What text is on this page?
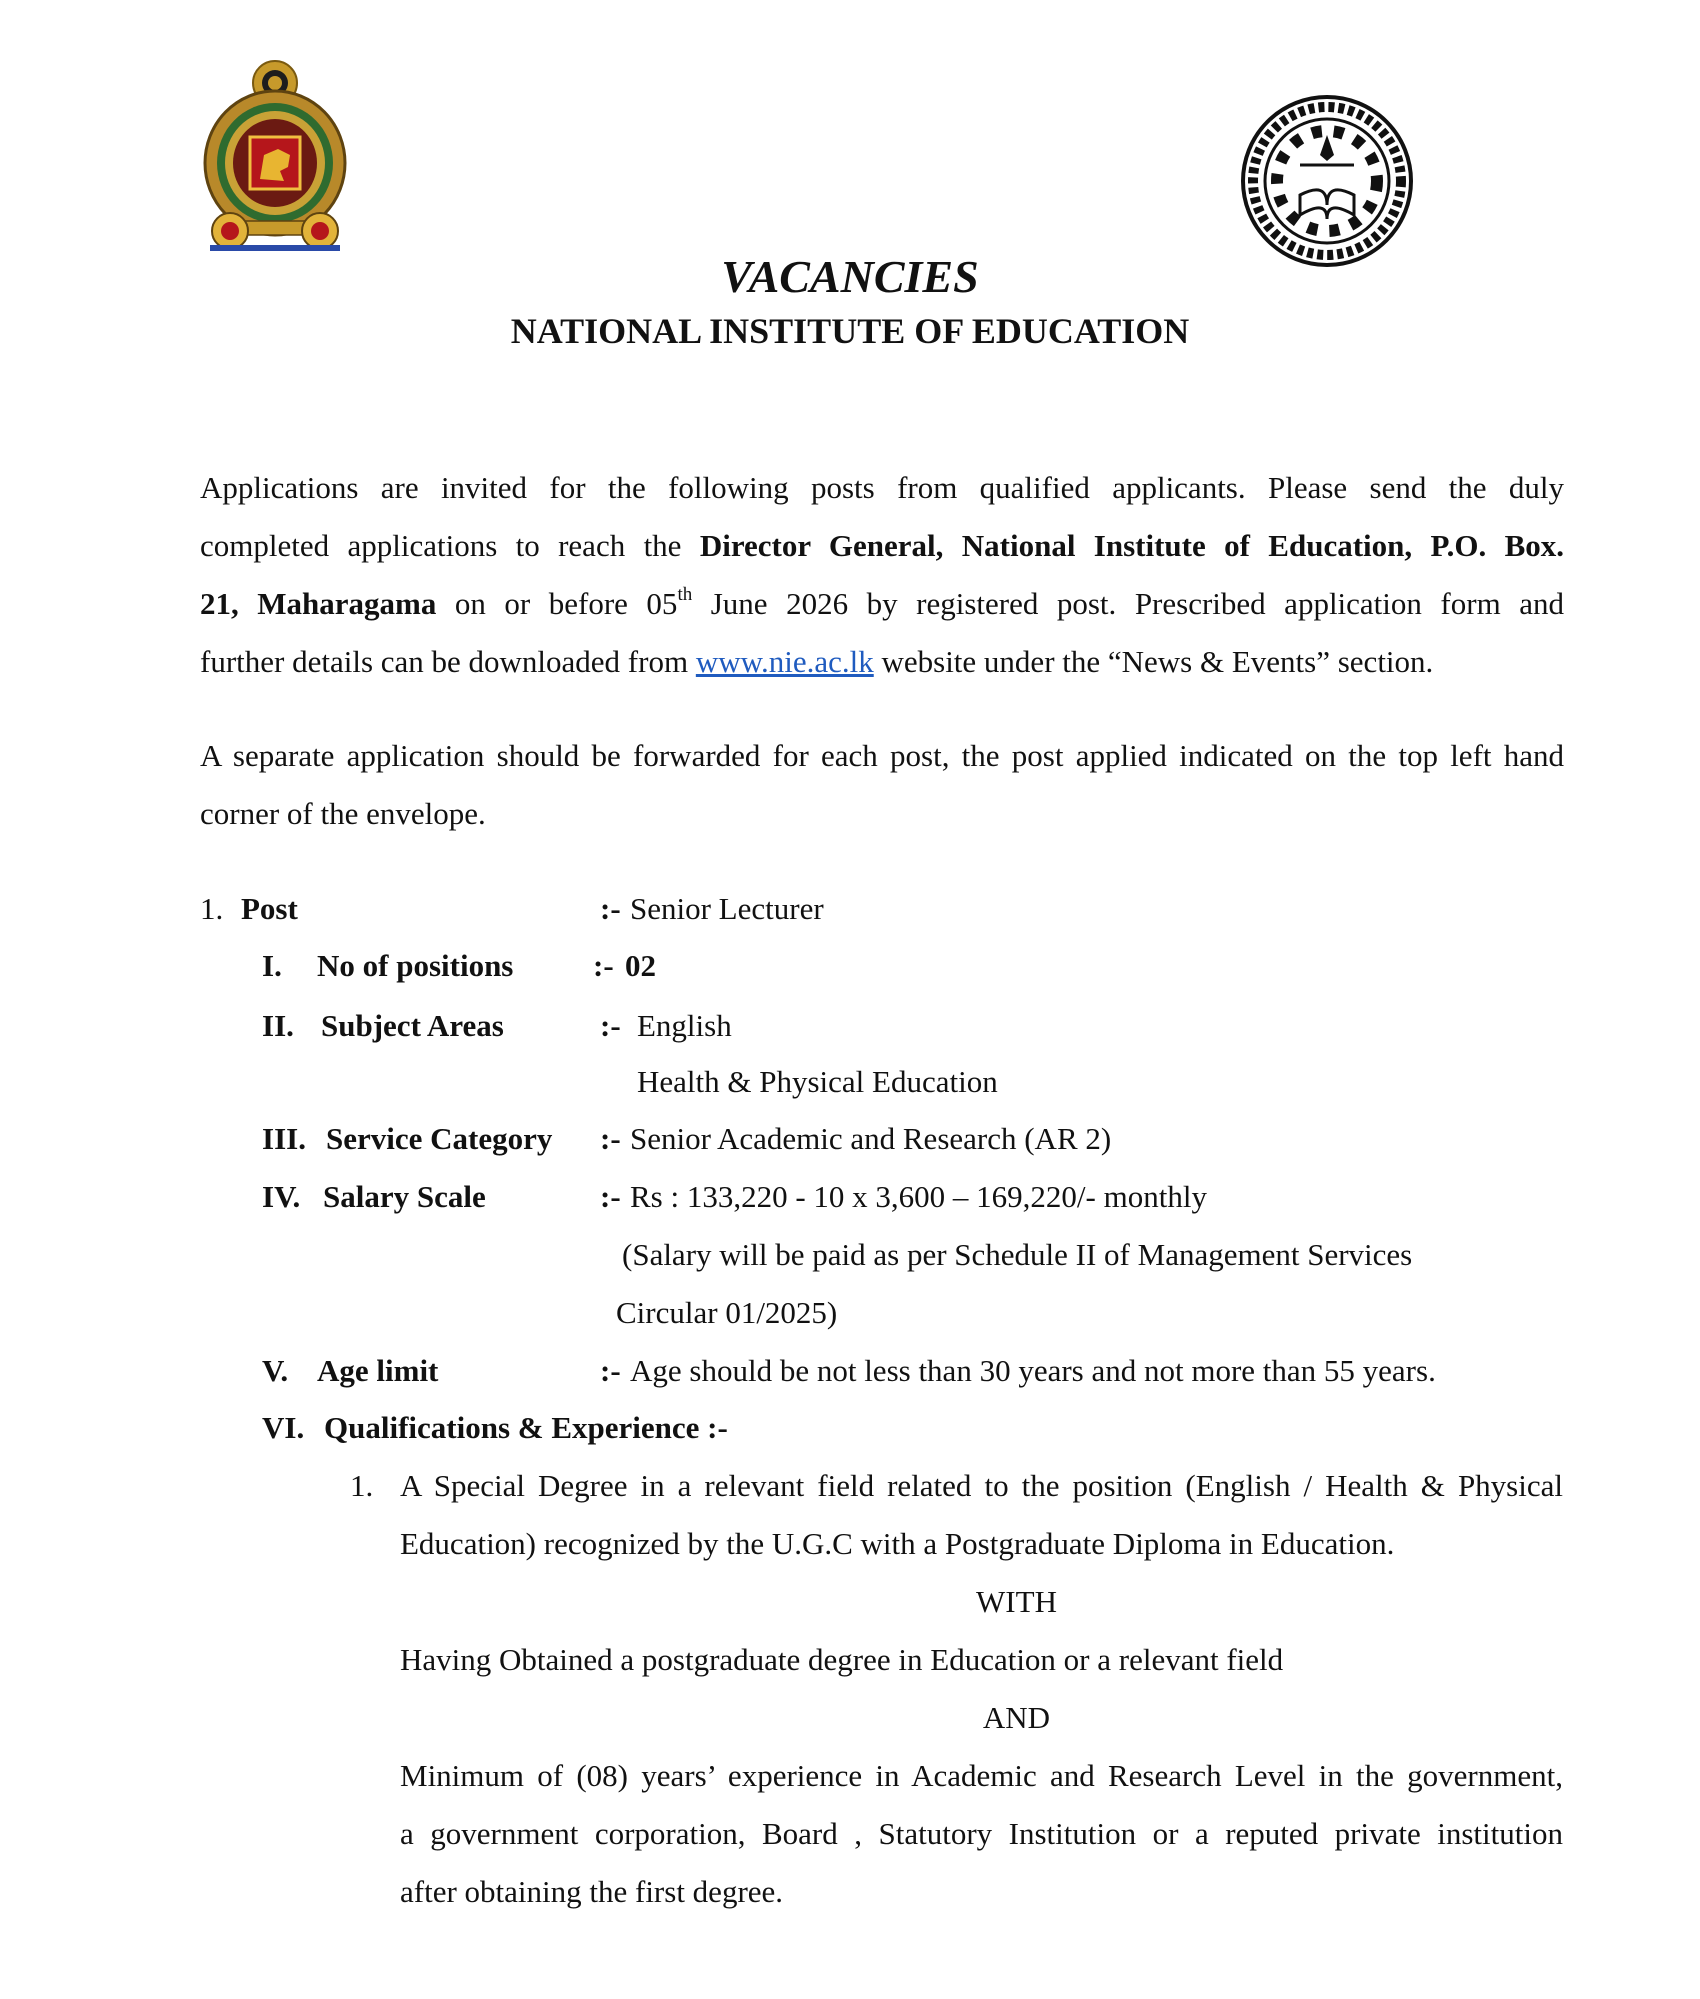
VACANCIES
NATIONAL INSTITUTE OF EDUCATION
Applications are invited for the following posts from qualified applicants. Please send the duly
completed applications to reach the Director General, National Institute of Education, P.O. Box.
21, Maharagama on or before 05th June 2026 by registered post. Prescribed application form and
further details can be downloaded from www.nie.ac.lk website under the “News & Events” section.
A separate application should be forwarded for each post, the post applied indicated on the top left hand
corner of the envelope.
1. Post	:- Senior Lecturer
I. No of positions	:- 02
II. Subject Areas	:- English
Health & Physical Education
III. Service Category :- Senior Academic and Research (AR 2)
IV. Salary Scale	:- Rs : 133,220 - 10 x 3,600 – 169,220/- monthly
(Salary will be paid as per Schedule II of Management Services
Circular 01/2025)
V. Age limit	:- Age should be not less than 30 years and not more than 55 years.
VI. Qualifications & Experience :-
1. A Special Degree in a relevant field related to the position (English / Health & Physical
Education) recognized by the U.G.C with a Postgraduate Diploma in Education.
WITH
Having Obtained a postgraduate degree in Education or a relevant field
AND
Minimum of (08) years’ experience in Academic and Research Level in the government,
a government corporation, Board , Statutory Institution or a reputed private institution
after obtaining the first degree.
